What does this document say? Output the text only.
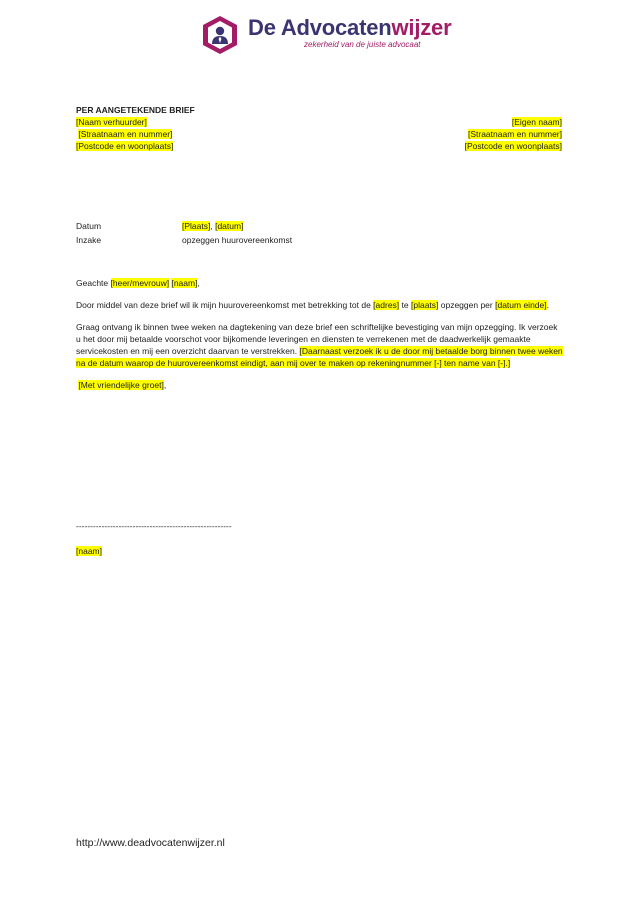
De Advocatenwijzer
zekerheid van de juiste advocaat
PER AANGETEKENDE BRIEF
[Naam verhuurder]
[Straatnaam en nummer]
[Postcode en woonplaats]
[Eigen naam]
[Straatnaam en nummer]
[Postcode en woonplaats]
Datum	[Plaats], [datum]
Inzake	opzeggen huurovereenkomst

Geachte [heer/mevrouw] [naam],

Door middel van deze brief wil ik mijn huurovereenkomst met betrekking tot de [adres] te [plaats] opzeggen per [datum einde].

Graag ontvang ik binnen twee weken na dagtekening van deze brief een schriftelijke bevestiging van mijn opzegging. Ik verzoek u het door mij betaalde voorschot voor bijkomende leveringen en diensten te verrekenen met de daadwerkelijk gemaakte servicekosten en mij een overzicht daarvan te verstrekken. [Daarnaast verzoek ik u de door mij betaalde borg binnen twee weken na de datum waarop de huurovereenkomst eindigt, aan mij over te maken op rekeningnummer [-] ten name van [-].]

[Met vriendelijke groet],

-------------------------------------------------------
[naam]
http://www.deadvocatenwijzer.nl
